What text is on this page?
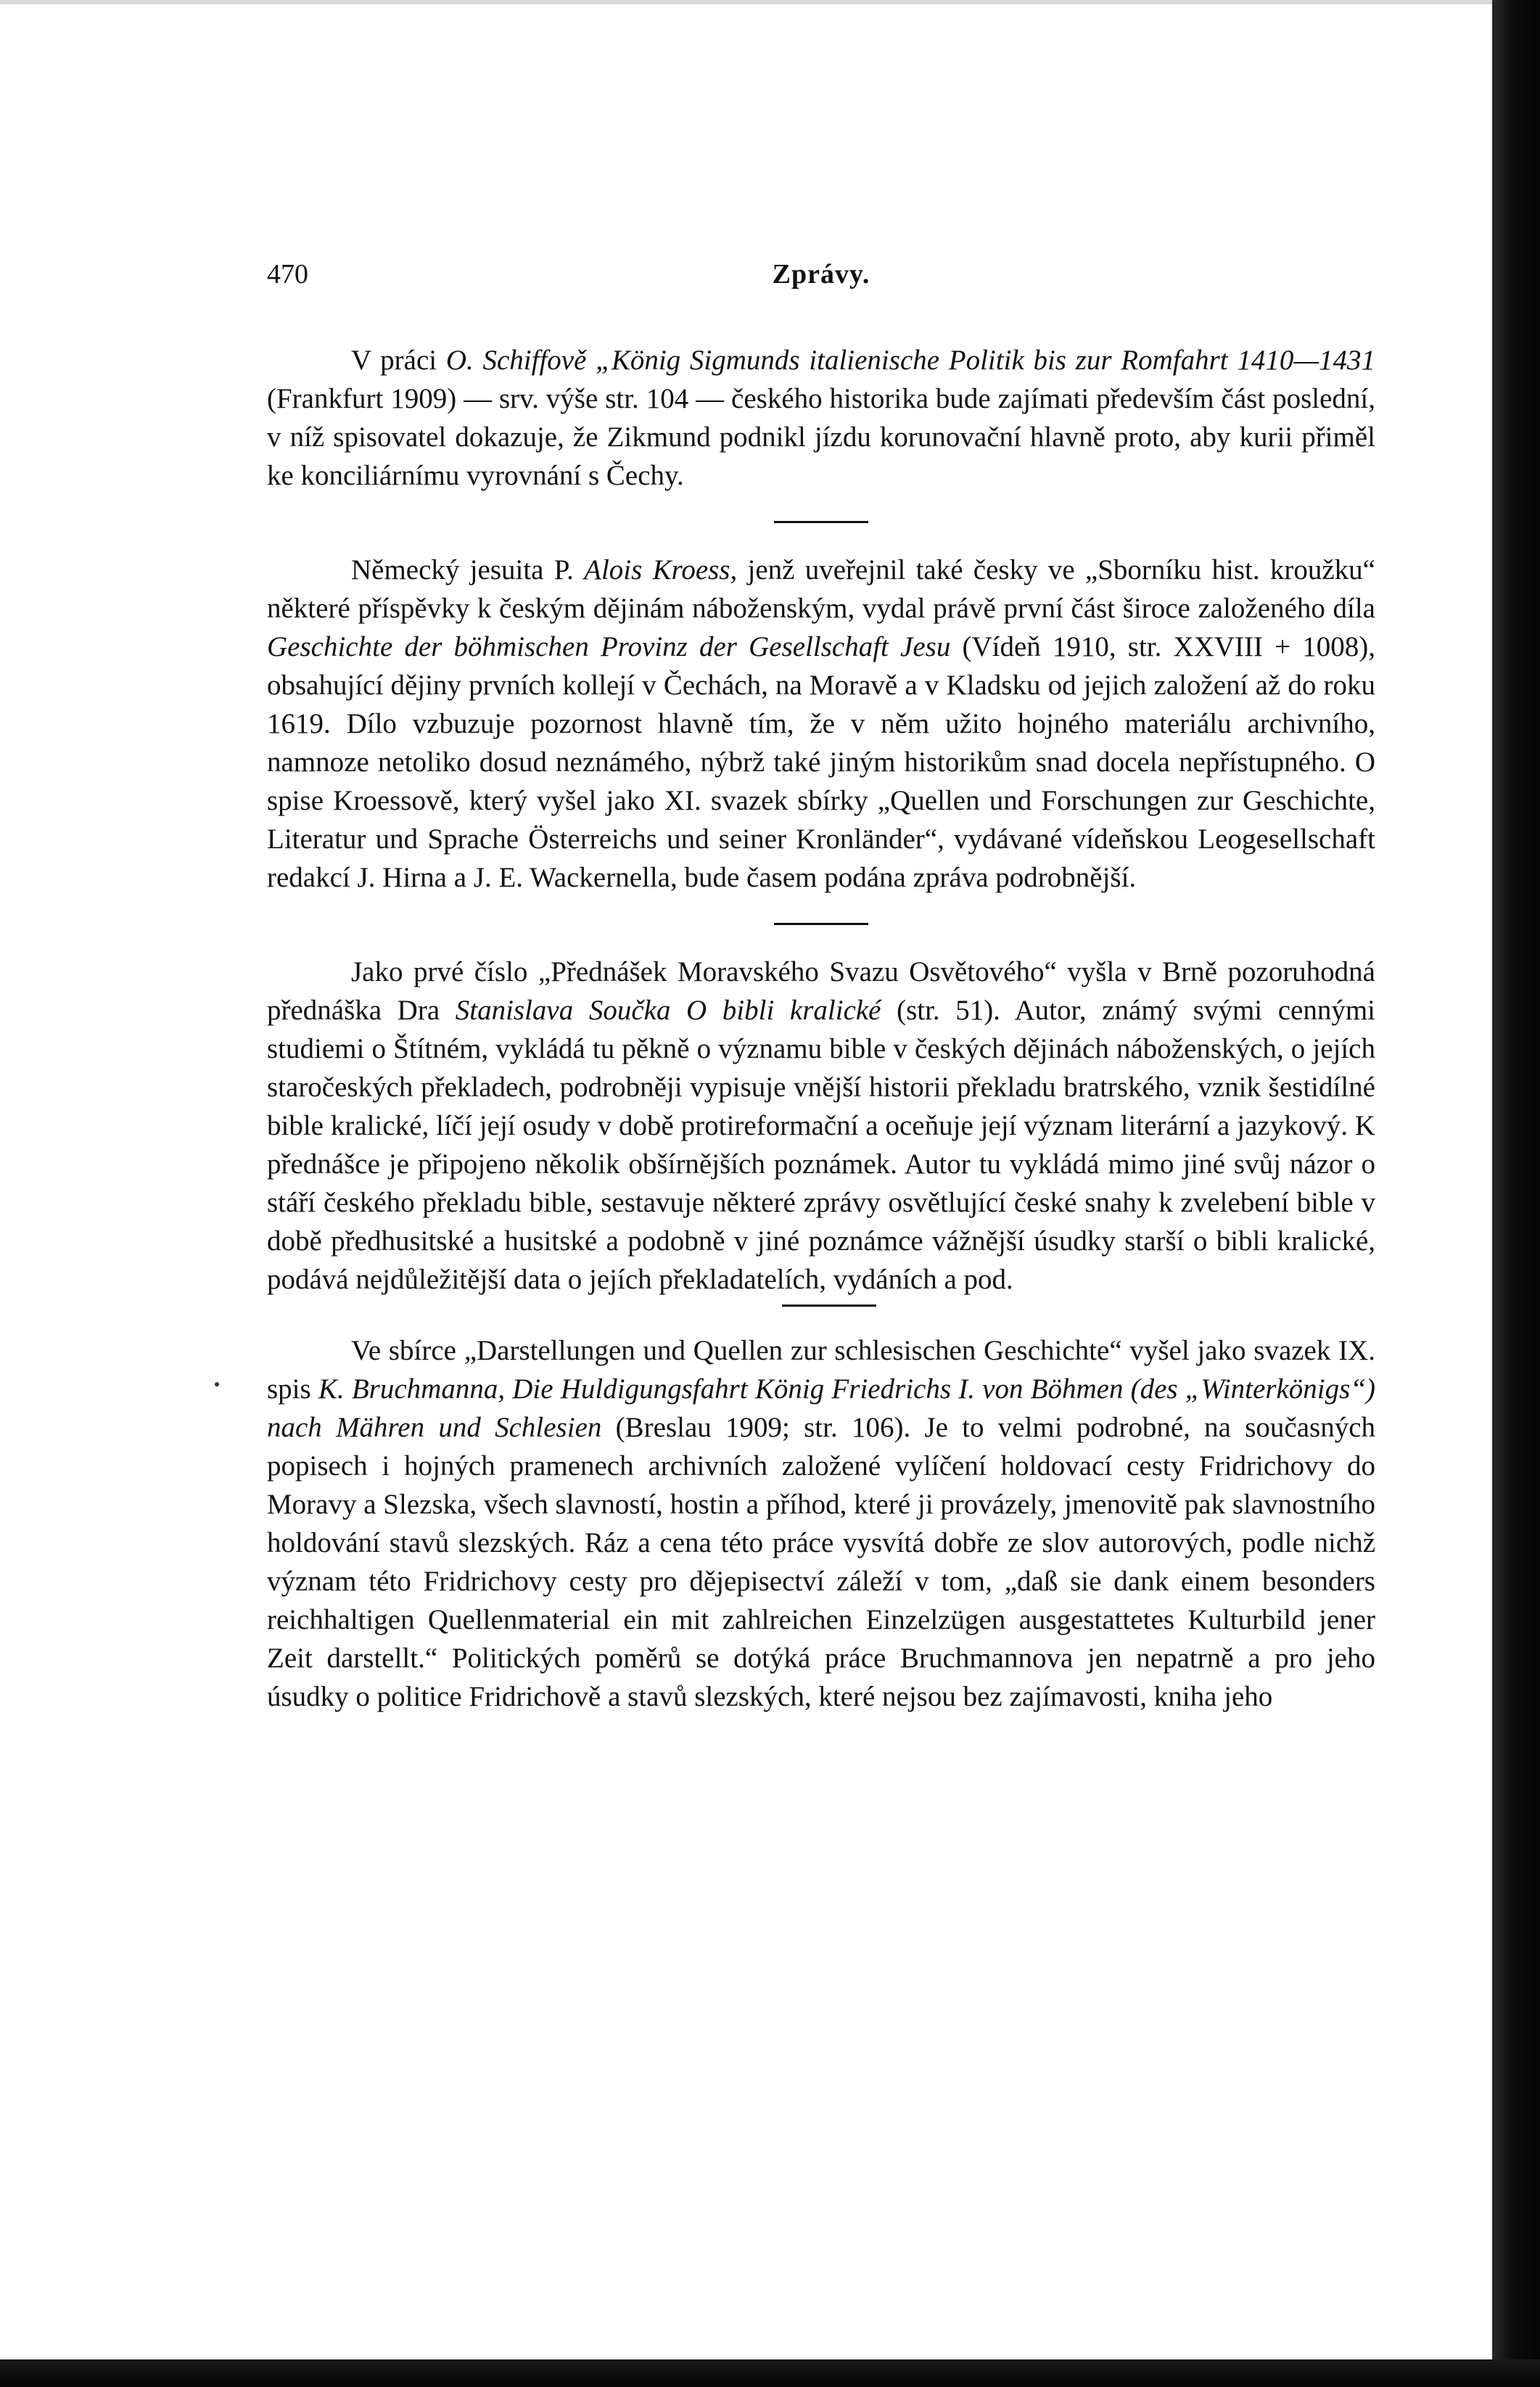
470	Zprávy.

V práci O. Schiffově „König Sigmunds italienische Politik bis zur Romfahrt 1410—1431 (Frankfurt 1909) — srv. výše str. 104 — českého historika bude zajímati především část poslední, v níž spisovatel dokazuje, že Zikmund podnikl jízdu korunovační hlavně proto, aby kurii přiměl ke konciliárnímu vyrovnání s Čechy.

Německý jesuita P. Alois Kroess, jenž uveřejnil také česky ve „Sborníku hist. kroužku“ některé příspěvky k českým dějinám náboženským, vydal právě první část široce založeného díla Geschichte der böhmischen Provinz der Gesellschaft Jesu (Vídeň 1910, str. XXVIII + 1008), obsahující dějiny prvních kollejí v Čechách, na Moravě a v Kladsku od jejich založení až do roku 1619. Dílo vzbuzuje pozornost hlavně tím, že v něm užito hojného materiálu archivního, namnoze netoliko dosud neznámého, nýbrž také jiným historikům snad docela nepřístupného. O spise Kroessově, který vyšel jako XI. svazek sbírky „Quellen und Forschungen zur Geschichte, Literatur und Sprache Österreichs und seiner Kronländer“, vydávané vídeňskou Leogesellschaft redakcí J. Hirna a J. E. Wackernella, bude časem podána zpráva podrobnější.

Jako prvé číslo „Přednášek Moravského Svazu Osvětového“ vyšla v Brně pozoruhodná přednáška Dra Stanislava Součka O bibli kralické (str. 51). Autor, známý svými cennými studiemi o Štítném, vykládá tu pěkně o významu bible v českých dějinách náboženských, o jejích staročeských překladech, podrobněji vypisuje vnější historii překladu bratrského, vznik šestidílné bible kralické, líčí její osudy v době protireformační a oceňuje její význam literární a jazykový. K přednášce je připojeno několik obšírnějších poznámek. Autor tu vykládá mimo jiné svůj názor o stáří českého překladu bible, sestavuje některé zprávy osvětlující české snahy k zvelebení bible v době předhusitské a husitské a podobně v jiné poznámce vážnější úsudky starší o bibli kralické, podává nejdůležitější data o jejích překladatelích, vydáních a pod.

Ve sbírce „Darstellungen und Quellen zur schlesischen Geschichte“ vyšel jako svazek IX. spis K. Bruchmanna, Die Huldigungsfahrt König Friedrichs I. von Böhmen (des „Winterkönigs“) nach Mähren und Schlesien (Breslau 1909; str. 106). Je to velmi podrobné, na současných popisech i hojných pramenech archivních založené vylíčení holdovací cesty Fridrichovy do Moravy a Slezska, všech slavností, hostin a příhod, které ji provázely, jmenovitě pak slavnostního holdování stavů slezských. Ráz a cena této práce vysvítá dobře ze slov autorových, podle nichž význam této Fridrichovy cesty pro dějepisectví záleží v tom, „daß sie dank einem besonders reichhaltigen Quellenmaterial ein mit zahlreichen Einzelzügen ausgestattetes Kulturbild jener Zeit darstellt.“ Politických poměrů se dotýká práce Bruchmannova jen nepatrně a pro jeho úsudky o politice Fridrichově a stavů slezských, které nejsou bez zajímavosti, kniha jeho
